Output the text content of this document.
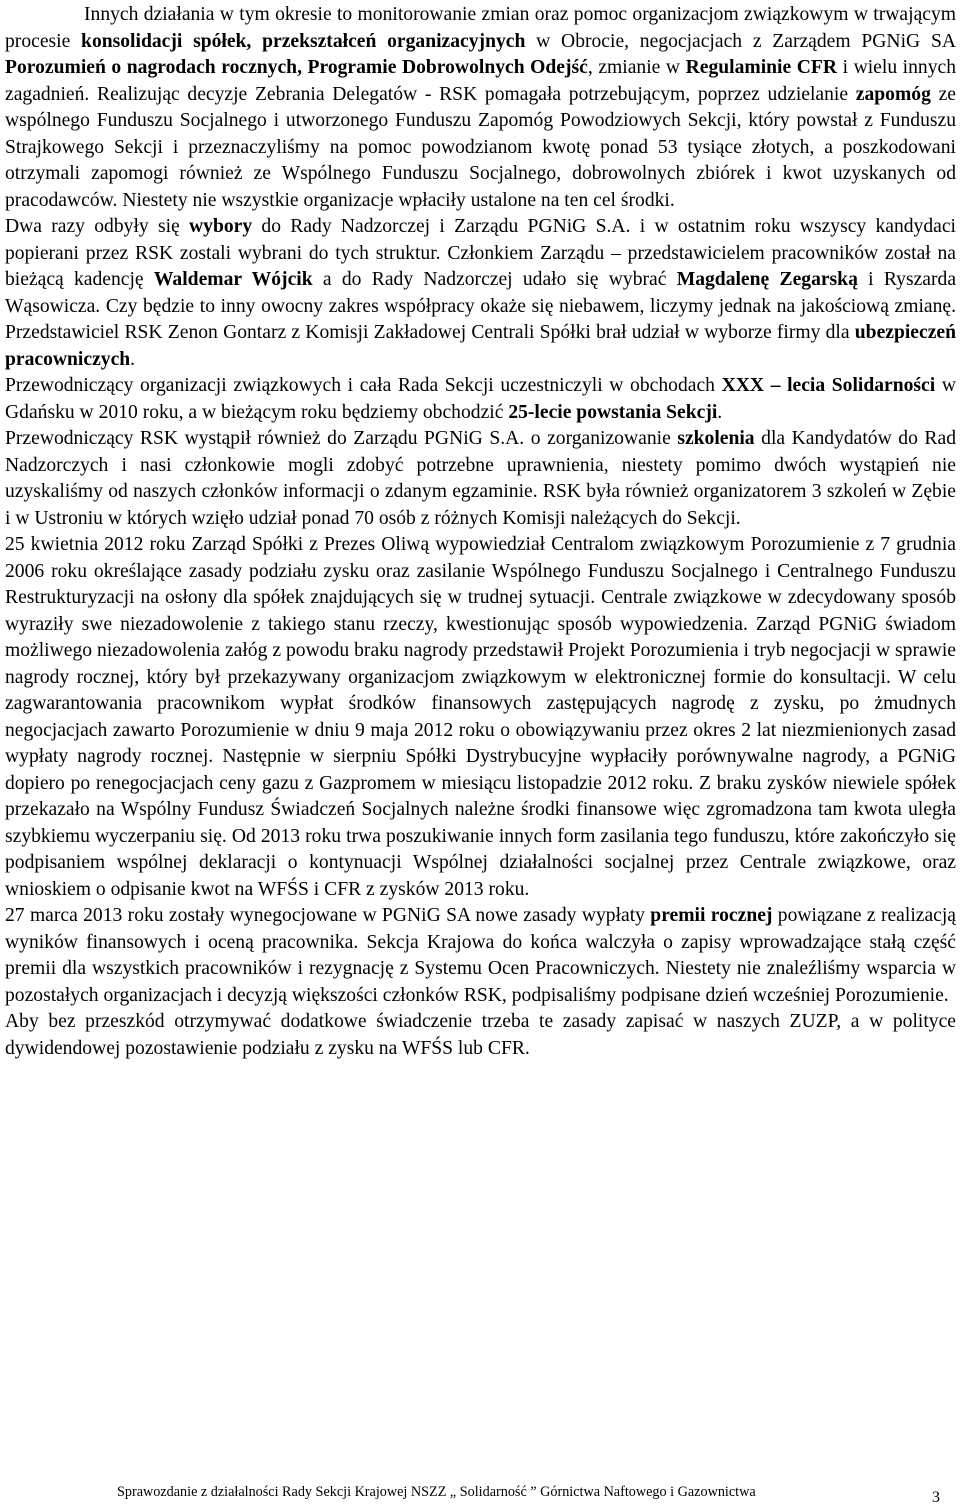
Innych działania w tym okresie to monitorowanie zmian oraz pomoc organizacjom związkowym w trwającym procesie konsolidacji spółek, przekształceń organizacyjnych w Obrocie, negocjacjach z Zarządem PGNiG SA Porozumień o nagrodach rocznych, Programie Dobrowolnych Odejść, zmianie w Regulaminie CFR i wielu innych zagadnień. Realizując decyzje Zebrania Delegatów - RSK pomagała potrzebującym, poprzez udzielanie zapomóg ze wspólnego Funduszu Socjalnego i utworzonego Funduszu Zapomóg Powodziowych Sekcji, który powstał z Funduszu Strajkowego Sekcji i przeznaczyliśmy na pomoc powodzianom kwotę ponad 53 tysiące złotych, a poszkodowani otrzymali zapomogi również ze Wspólnego Funduszu Socjalnego, dobrowolnych zbiórek i kwot uzyskanych od pracodawców. Niestety nie wszystkie organizacje wpłaciły ustalone na ten cel środki.

Dwa razy odbyły się wybory do Rady Nadzorczej i Zarządu PGNiG S.A. i w ostatnim roku wszyscy kandydaci popierani przez RSK zostali wybrani do tych struktur. Członkiem Zarządu – przedstawicielem pracowników został na bieżącą kadencję Waldemar Wójcik a do Rady Nadzorczej udało się wybrać Magdalenę Zegarską i Ryszarda Wąsowicza. Czy będzie to inny owocny zakres współpracy okaże się niebawem, liczymy jednak na jakościową zmianę. Przedstawiciel RSK Zenon Gontarz z Komisji Zakładowej Centrali Spółki brał udział w wyborze firmy dla ubezpieczeń pracowniczych.

Przewodniczący organizacji związkowych i cała Rada Sekcji uczestniczyli w obchodach XXX – lecia Solidarności w Gdańsku w 2010 roku, a w bieżącym roku będziemy obchodzić 25-lecie powstania Sekcji.

Przewodniczący RSK wystąpił również do Zarządu PGNiG S.A. o zorganizowanie szkolenia dla Kandydatów do Rad Nadzorczych i nasi członkowie mogli zdobyć potrzebne uprawnienia, niestety pomimo dwóch wystąpień nie uzyskaliśmy od naszych członków informacji o zdanym egzaminie. RSK była również organizatorem 3 szkoleń w Zębie i w Ustroniu w których wzięło udział ponad 70 osób z różnych Komisji należących do Sekcji.

25 kwietnia 2012 roku Zarząd Spółki z Prezes Oliwą wypowiedział Centralom związkowym Porozumienie z 7 grudnia 2006 roku określające zasady podziału zysku oraz zasilanie Wspólnego Funduszu Socjalnego i Centralnego Funduszu Restrukturyzacji na osłony dla spółek znajdujących się w trudnej sytuacji. Centrale związkowe w zdecydowany sposób wyraziły swe niezadowolenie z takiego stanu rzeczy, kwestionując sposób wypowiedzenia. Zarząd PGNiG świadom możliwego niezadowolenia załóg z powodu braku nagrody przedstawił Projekt Porozumienia i tryb negocjacji w sprawie nagrody rocznej, który był przekazywany organizacjom związkowym w elektronicznej formie do konsultacji. W celu zagwarantowania pracownikom wypłat środków finansowych zastępujących nagrodę z zysku, po żmudnych negocjacjach zawarto Porozumienie w dniu 9 maja 2012 roku o obowiązywaniu przez okres 2 lat niezmienionych zasad wypłaty nagrody rocznej. Następnie w sierpniu Spółki Dystrybucyjne wypłaciły porównywalne nagrody, a PGNiG dopiero po renegocjacjach ceny gazu z Gazpromem w miesiącu listopadzie 2012 roku. Z braku zysków niewiele spółek przekazało na Wspólny Fundusz Świadczeń Socjalnych należne środki finansowe więc zgromadzona tam kwota uległa szybkiemu wyczerpaniu się. Od 2013 roku trwa poszukiwanie innych form zasilania tego funduszu, które zakończyło się podpisaniem wspólnej deklaracji o kontynuacji Wspólnej działalności socjalnej przez Centrale związkowe, oraz wnioskiem o odpisanie kwot na WFŚS i CFR z zysków 2013 roku.

27 marca 2013 roku zostały wynegocjowane w PGNiG SA nowe zasady wypłaty premii rocznej powiązane z realizacją wyników finansowych i oceną pracownika. Sekcja Krajowa do końca walczyła o zapisy wprowadzające stałą część premii dla wszystkich pracowników i rezygnację z Systemu Ocen Pracowniczych. Niestety nie znaleźliśmy wsparcia w pozostałych organizacjach i decyzją większości członków RSK, podpisaliśmy podpisane dzień wcześniej Porozumienie.

Aby bez przeszkód otrzymywać dodatkowe świadczenie trzeba te zasady zapisać w naszych ZUZP, a w polityce dywidendowej pozostawienie podziału z zysku na WFŚS lub CFR.

Sprawozdanie z działalności Rady Sekcji Krajowej NSZZ „ Solidarność ” Górnictwa Naftowego i Gazownictwa	3
